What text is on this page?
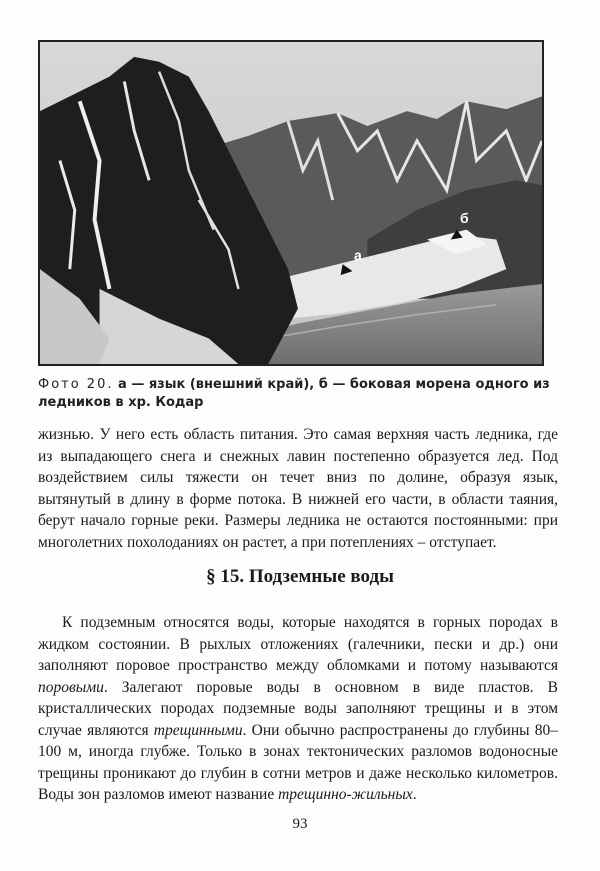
а
б
Фото 20. а — язык (внешний край), б — боковая морена одного из ледников в хр. Кодар

жизнью. У него есть область питания. Это самая верхняя часть ледника, где из выпадающего снега и снежных лавин постепенно образуется лед. Под воздействием силы тяжести он течет вниз по долине, образуя язык, вытянутый в длину в форме потока. В нижней его части, в области таяния, берут начало горные реки. Размеры ледника не остаются постоянными: при многолетних похолоданиях он растет, а при потеплениях – отступает.

§ 15. Подземные воды

К подземным относятся воды, которые находятся в горных породах в жидком состоянии. В рыхлых отложениях (галечники, пески и др.) они заполняют поровое пространство между обломками и потому называются поровыми. Залегают поровые воды в основном в виде пластов. В кристаллических породах подземные воды заполняют трещины и в этом случае являются трещинными. Они обычно распространены до глубины 80–100 м, иногда глубже. Только в зонах тектонических разломов водоносные трещины проникают до глубин в сотни метров и даже несколько километров. Воды зон разломов имеют название трещинно-жильных.

93
